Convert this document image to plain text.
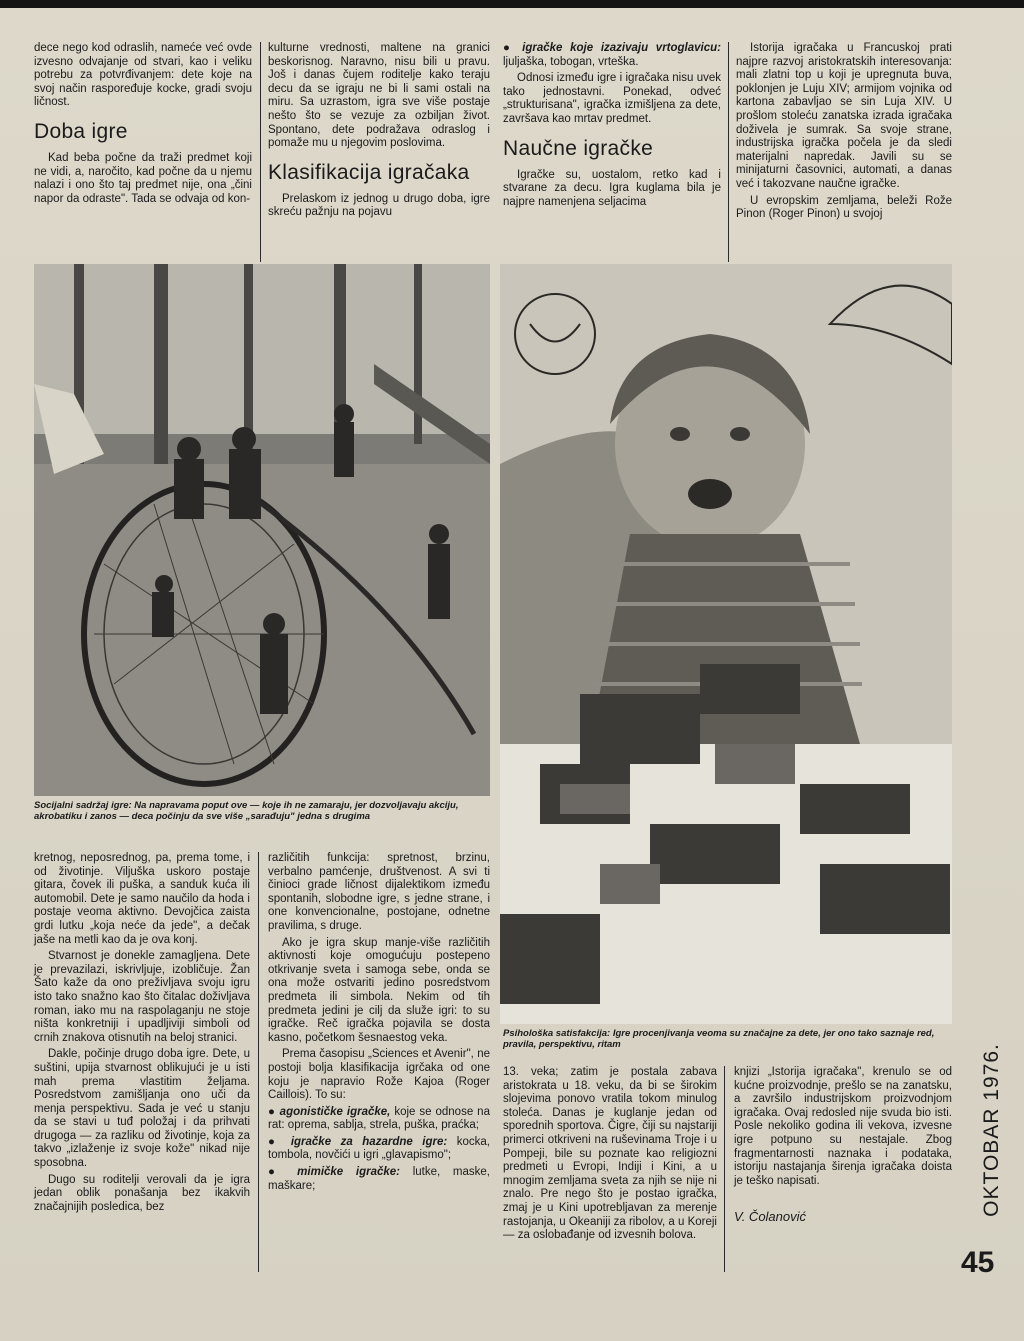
dece nego kod odraslih, nameće već ovde izvesno odvajanje od stvari, kao i veliku potrebu za potvrđivanjem: dete koje na svoj način raspoređuje kocke, gradi svoju ličnost.

Doba igre

Kad beba počne da traži predmet koji ne vidi, a, naročito, kad počne da u njemu nalazi i ono što taj predmet nije, ona „čini napor da odraste". Tada se odvaja od kon-

kulturne vrednosti, maltene na granici beskorisnog. Naravno, nisu bili u pravu. Još i danas čujem roditelje kako teraju decu da se igraju ne bi li sami ostali na miru. Sa uzrastom, igra sve više postaje nešto što se vezuje za ozbiljan život. Spontano, dete podražava odraslog i pomaže mu u njegovim poslovima.

Klasifikacija igračaka

Prelaskom iz jednog u drugo doba, igre skreću pažnju na pojavu

● igračke koje izazivaju vrtoglavicu: ljuljaška, tobogan, vrteška.

Odnosi između igre i igračaka nisu uvek tako jednostavni. Ponekad, odveć „strukturisana", igračka izmišljena za dete, završava kao mrtav predmet.

Naučne igračke

Igračke su, uostalom, retko kad i stvarane za decu. Igra kuglama bila je najpre namenjena seljacima

Istorija igračaka u Francuskoj prati najpre razvoj aristokratskih interesovanja: mali zlatni top u koji je upregnuta buva, poklonjen je Luju XIV; armijom vojnika od kartona zabavljao se sin Luja XIV. U prošlom stoleću zanatska izrada igračaka doživela je sumrak. Sa svoje strane, industrijska igračka počela je da sledi materijalni napredak. Javili su se minijaturni časovnici, automati, a danas već i takozvane naučne igračke.

U evropskim zemljama, beleži Rože Pinon (Roger Pinon) u svojoj

Socijalni sadržaj igre: Na napravama poput ove — koje ih ne zamaraju, jer dozvoljavaju akciju, akrobatiku i zanos — deca počinju da sve više „sarađuju" jedna s drugima
Psihološka satisfakcija: Igre procenjivanja veoma su značajne za dete, jer ono tako saznaje red, pravila, perspektivu, ritam

kretnog, neposrednog, pa, prema tome, i od životinje. Viljuška uskoro postaje gitara, čovek ili puška, a sanduk kuća ili automobil. Dete je samo naučilo da hoda i postaje veoma aktivno. Devojčica zaista grdi lutku „koja neće da jede", a dečak jaše na metli kao da je ova konj.

Stvarnost je donekle zamagljena. Dete je prevazilazi, iskrivljuje, izobličuje. Žan Šato kaže da ono preživljava svoju igru isto tako snažno kao što čitalac doživljava roman, iako mu na raspolaganju ne stoje ništa konkretniji i upadljiviji simboli od crnih znakova otisnutih na beloj stranici.

Dakle, počinje drugo doba igre. Dete, u suštini, upija stvarnost oblikujući je u isti mah prema vlastitim željama. Posredstvom zamišljanja ono uči da menja perspektivu. Sada je već u stanju da se stavi u tuđ položaj i da prihvati drugoga — za razliku od životinje, koja za takvo „izlaženje iz svoje kože" nikad nije sposobna.

Dugo su roditelji verovali da je igra jedan oblik ponašanja bez ikakvih značajnijih posledica, bez

različitih funkcija: spretnost, brzinu, verbalno pamćenje, društvenost. A svi ti činioci grade ličnost dijalektikom između spontanih, slobodne igre, s jedne strane, i one konvencionalne, postojane, odnetne pravilima, s druge.

Ako je igra skup manje-više različitih aktivnosti koje omogućuju postepeno otkrivanje sveta i samoga sebe, onda se ona može ostvariti jedino posredstvom predmeta ili simbola. Nekim od tih predmeta jedini je cilj da služe igri: to su igračke. Reč igračka pojavila se dosta kasno, početkom šesnaestog veka.

Prema časopisu „Sciences et Avenir", ne postoji bolja klasifikacija igrčaka od one koju je napravio Rože Kajoa (Roger Caillois). To su:

● agonističke igračke, koje se odnose na rat: oprema, sablja, strela, puška, praćka;

● igračke za hazardne igre: kocka, tombola, novčići u igri „glavapismo";

● mimičke igračke: lutke, maske, maškare;

13. veka; zatim je postala zabava aristokrata u 18. veku, da bi se širokim slojevima ponovo vratila tokom minulog stoleća. Danas je kuglanje jedan od sporednih sportova. Čigre, čiji su najstariji primerci otkriveni na ruševinama Troje i u Pompeji, bile su poznate kao religiozni predmeti u Evropi, Indiji i Kini, a u mnogim zemljama sveta za njih se nije ni znalo. Pre nego što je postao igračka, zmaj je u Kini upotrebljavan za merenje rastojanja, u Okeaniji za ribolov, a u Koreji — za oslobađanje od izvesnih bolova.

knjizi „Istorija igračaka", krenulo se od kućne proizvodnje, prešlo se na zanatsku, a završilo industrijskom proizvodnjom igračaka. Ovaj redosled nije svuda bio isti. Posle nekoliko godina ili vekova, izvesne igre potpuno su nestajale. Zbog fragmentarnosti naznaka i podataka, istoriju nastajanja širenja igračaka doista je teško napisati.

V. Čolanović	OKTOBAR 1976.
45
